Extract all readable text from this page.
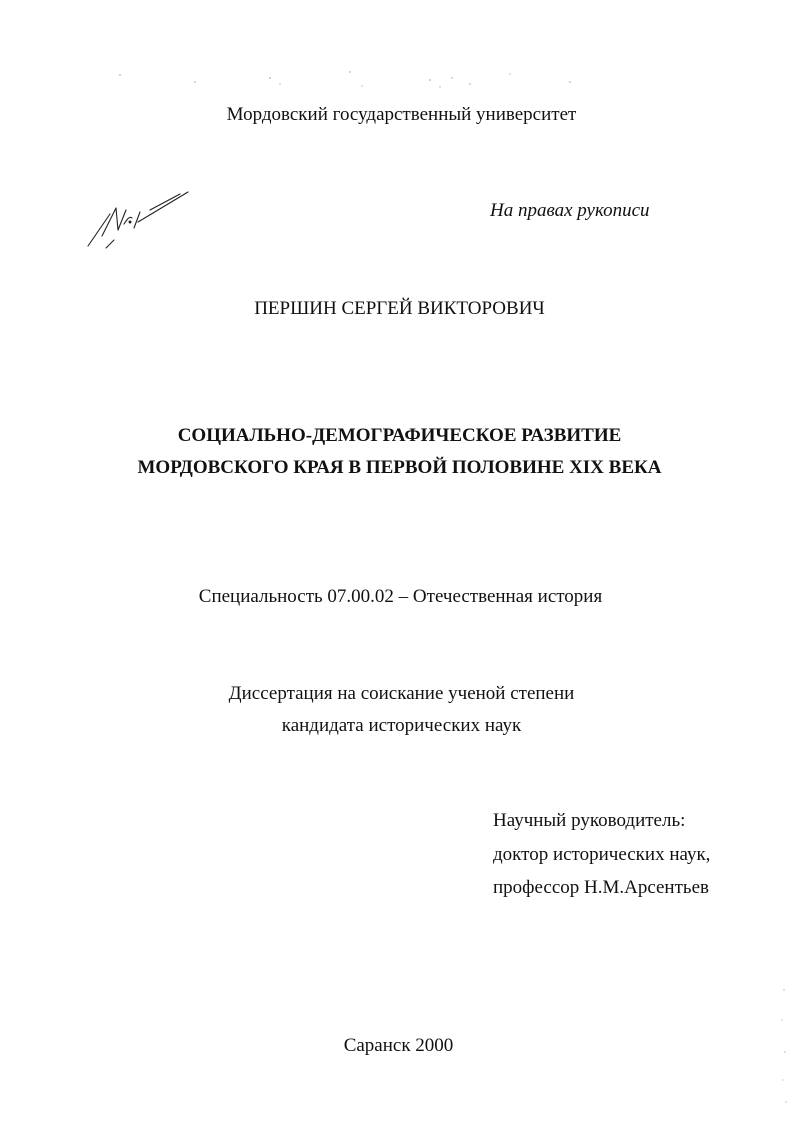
Мордовский государственный университет
На правах рукописи
ПЕРШИН СЕРГЕЙ ВИКТОРОВИЧ
СОЦИАЛЬНО-ДЕМОГРАФИЧЕСКОЕ РАЗВИТИЕ
МОРДОВСКОГО КРАЯ В ПЕРВОЙ ПОЛОВИНЕ XIX ВЕКА
Специальность 07.00.02 – Отечественная история
Диссертация на соискание ученой степени
кандидата исторических наук
Научный руководитель:
доктор исторических наук,
профессор Н.М.Арсентьев
Саранск 2000
